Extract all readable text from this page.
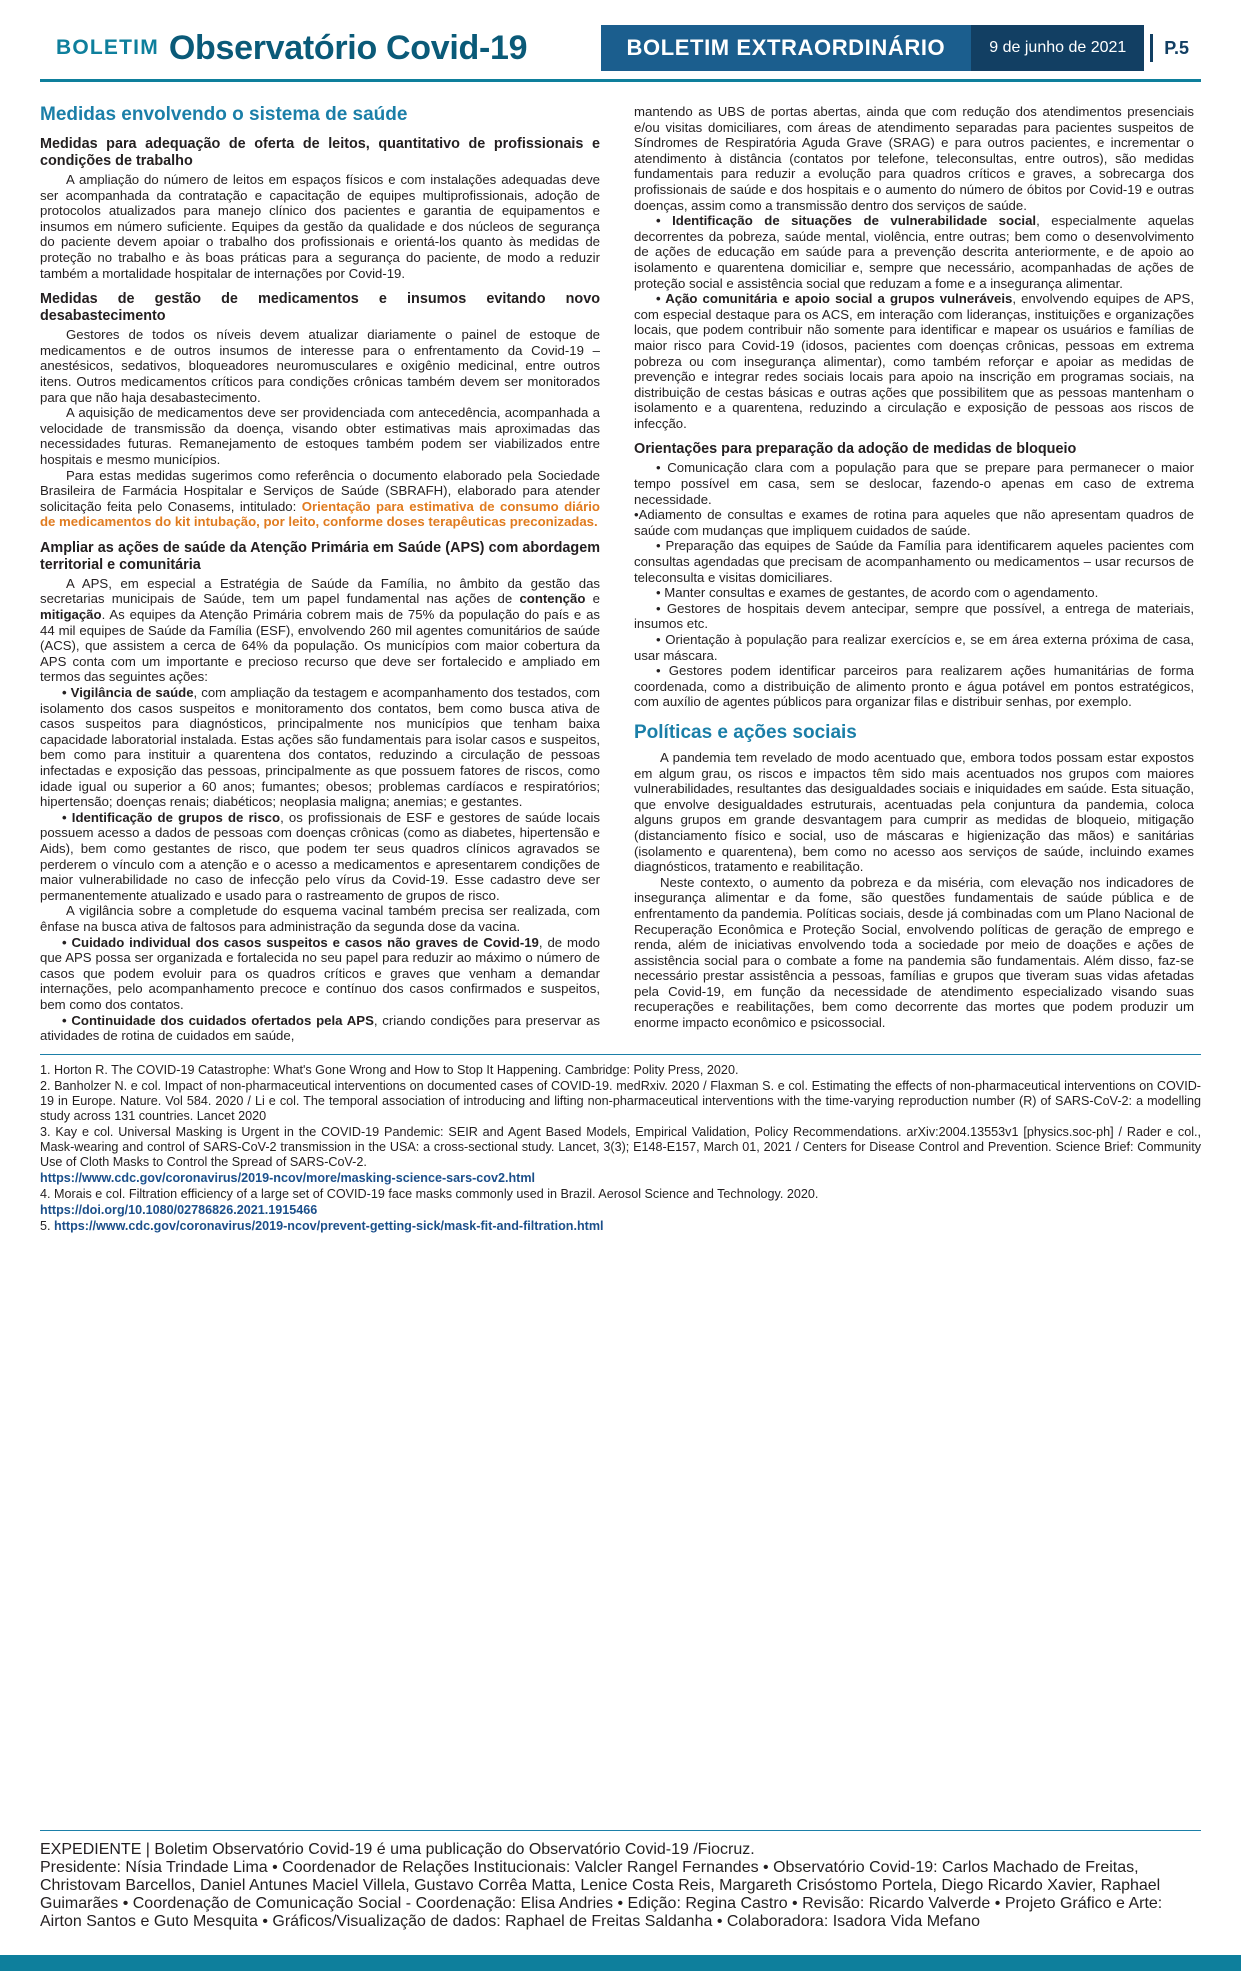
BOLETIM Observatório Covid-19	BOLETIM EXTRAORDINÁRIO	9 de junho de 2021	P.5
Medidas envolvendo o sistema de saúde
Medidas para adequação de oferta de leitos, quantitativo de profissionais e condições de trabalho

A ampliação do número de leitos em espaços físicos e com instalações adequadas deve ser acompanhada da contratação e capacitação de equipes multiprofissionais, adoção de protocolos atualizados para manejo clínico dos pacientes e garantia de equipamentos e insumos em número suficiente. Equipes da gestão da qualidade e dos núcleos de segurança do paciente devem apoiar o trabalho dos profissionais e orientá-los quanto às medidas de proteção no trabalho e às boas práticas para a segurança do paciente, de modo a reduzir também a mortalidade hospitalar de internações por Covid-19.

Medidas de gestão de medicamentos e insumos evitando novo desabastecimento

Gestores de todos os níveis devem atualizar diariamente o painel de estoque de medicamentos e de outros insumos de interesse para o enfrentamento da Covid-19 – anestésicos, sedativos, bloqueadores neuromusculares e oxigênio medicinal, entre outros itens. Outros medicamentos críticos para condições crônicas também devem ser monitorados para que não haja desabastecimento.

A aquisição de medicamentos deve ser providenciada com antecedência, acompanhada a velocidade de transmissão da doença, visando obter estimativas mais aproximadas das necessidades futuras. Remanejamento de estoques também podem ser viabilizados entre hospitais e mesmo municípios.

Para estas medidas sugerimos como referência o documento elaborado pela Sociedade Brasileira de Farmácia Hospitalar e Serviços de Saúde (SBRAFH), elaborado para atender solicitação feita pelo Conasems, intitulado: Orientação para estimativa de consumo diário de medicamentos do kit intubação, por leito, conforme doses terapêuticas preconizadas.

Ampliar as ações de saúde da Atenção Primária em Saúde (APS) com abordagem territorial e comunitária

A APS, em especial a Estratégia de Saúde da Família, no âmbito da gestão das secretarias municipais de Saúde, tem um papel fundamental nas ações de contenção e mitigação. As equipes da Atenção Primária cobrem mais de 75% da população do país e as 44 mil equipes de Saúde da Família (ESF), envolvendo 260 mil agentes comunitários de saúde (ACS), que assistem a cerca de 64% da população. Os municípios com maior cobertura da APS conta com um importante e precioso recurso que deve ser fortalecido e ampliado em termos das seguintes ações:

• Vigilância de saúde, com ampliação da testagem e acompanhamento dos testados, com isolamento dos casos suspeitos e monitoramento dos contatos, bem como busca ativa de casos suspeitos para diagnósticos, principalmente nos municípios que tenham baixa capacidade laboratorial instalada. Estas ações são fundamentais para isolar casos e suspeitos, bem como para instituir a quarentena dos contatos, reduzindo a circulação de pessoas infectadas e exposição das pessoas, principalmente as que possuem fatores de riscos, como idade igual ou superior a 60 anos; fumantes; obesos; problemas cardíacos e respiratórios; hipertensão; doenças renais; diabéticos; neoplasia maligna; anemias; e gestantes.

• Identificação de grupos de risco, os profissionais de ESF e gestores de saúde locais possuem acesso a dados de pessoas com doenças crônicas (como as diabetes, hipertensão e Aids), bem como gestantes de risco, que podem ter seus quadros clínicos agravados se perderem o vínculo com a atenção e o acesso a medicamentos e apresentarem condições de maior vulnerabilidade no caso de infecção pelo vírus da Covid-19. Esse cadastro deve ser permanentemente atualizado e usado para o rastreamento de grupos de risco.

A vigilância sobre a completude do esquema vacinal também precisa ser realizada, com ênfase na busca ativa de faltosos para administração da segunda dose da vacina.

• Cuidado individual dos casos suspeitos e casos não graves de Covid-19, de modo que APS possa ser organizada e fortalecida no seu papel para reduzir ao máximo o número de casos que podem evoluir para os quadros críticos e graves que venham a demandar internações, pelo acompanhamento precoce e contínuo dos casos confirmados e suspeitos, bem como dos contatos.

• Continuidade dos cuidados ofertados pela APS, criando condições para preservar as atividades de rotina de cuidados em saúde,

mantendo as UBS de portas abertas, ainda que com redução dos atendimentos presenciais e/ou visitas domiciliares, com áreas de atendimento separadas para pacientes suspeitos de Síndromes de Respiratória Aguda Grave (SRAG) e para outros pacientes, e incrementar o atendimento à distância (contatos por telefone, teleconsultas, entre outros), são medidas fundamentais para reduzir a evolução para quadros críticos e graves, a sobrecarga dos profissionais de saúde e dos hospitais e o aumento do número de óbitos por Covid-19 e outras doenças, assim como a transmissão dentro dos serviços de saúde.

• Identificação de situações de vulnerabilidade social, especialmente aquelas decorrentes da pobreza, saúde mental, violência, entre outras; bem como o desenvolvimento de ações de educação em saúde para a prevenção descrita anteriormente, e de apoio ao isolamento e quarentena domiciliar e, sempre que necessário, acompanhadas de ações de proteção social e assistência social que reduzam a fome e a insegurança alimentar.

• Ação comunitária e apoio social a grupos vulneráveis, envolvendo equipes de APS, com especial destaque para os ACS, em interação com lideranças, instituições e organizações locais, que podem contribuir não somente para identificar e mapear os usuários e famílias de maior risco para Covid-19 (idosos, pacientes com doenças crônicas, pessoas em extrema pobreza ou com insegurança alimentar), como também reforçar e apoiar as medidas de prevenção e integrar redes sociais locais para apoio na inscrição em programas sociais, na distribuição de cestas básicas e outras ações que possibilitem que as pessoas mantenham o isolamento e a quarentena, reduzindo a circulação e exposição de pessoas aos riscos de infecção.

Orientações para preparação da adoção de medidas de bloqueio

• Comunicação clara com a população para que se prepare para permanecer o maior tempo possível em casa, sem se deslocar, fazendo-o apenas em caso de extrema necessidade.

•Adiamento de consultas e exames de rotina para aqueles que não apresentam quadros de saúde com mudanças que impliquem cuidados de saúde.

• Preparação das equipes de Saúde da Família para identificarem aqueles pacientes com consultas agendadas que precisam de acompanhamento ou medicamentos – usar recursos de teleconsulta e visitas domiciliares.

• Manter consultas e exames de gestantes, de acordo com o agendamento.

• Gestores de hospitais devem antecipar, sempre que possível, a entrega de materiais, insumos etc.

• Orientação à população para realizar exercícios e, se em área externa próxima de casa, usar máscara.

• Gestores podem identificar parceiros para realizarem ações humanitárias de forma coordenada, como a distribuição de alimento pronto e água potável em pontos estratégicos, com auxílio de agentes públicos para organizar filas e distribuir senhas, por exemplo.

Políticas e ações sociais

A pandemia tem revelado de modo acentuado que, embora todos possam estar expostos em algum grau, os riscos e impactos têm sido mais acentuados nos grupos com maiores vulnerabilidades, resultantes das desigualdades sociais e iniquidades em saúde. Esta situação, que envolve desigualdades estruturais, acentuadas pela conjuntura da pandemia, coloca alguns grupos em grande desvantagem para cumprir as medidas de bloqueio, mitigação (distanciamento físico e social, uso de máscaras e higienização das mãos) e sanitárias (isolamento e quarentena), bem como no acesso aos serviços de saúde, incluindo exames diagnósticos, tratamento e reabilitação.

Neste contexto, o aumento da pobreza e da miséria, com elevação nos indicadores de insegurança alimentar e da fome, são questões fundamentais de saúde pública e de enfrentamento da pandemia. Políticas sociais, desde já combinadas com um Plano Nacional de Recuperação Econômica e Proteção Social, envolvendo políticas de geração de emprego e renda, além de iniciativas envolvendo toda a sociedade por meio de doações e ações de assistência social para o combate a fome na pandemia são fundamentais. Além disso, faz-se necessário prestar assistência a pessoas, famílias e grupos que tiveram suas vidas afetadas pela Covid-19, em função da necessidade de atendimento especializado visando suas recuperações e reabilitações, bem como decorrente das mortes que podem produzir um enorme impacto econômico e psicossocial.

1. Horton R. The COVID-19 Catastrophe: What's Gone Wrong and How to Stop It Happening. Cambridge: Polity Press, 2020.
2. Banholzer N. e col. Impact of non-pharmaceutical interventions on documented cases of COVID-19. medRxiv. 2020 / Flaxman S. e col. Estimating the effects of non-pharmaceutical interventions on COVID-19 in Europe. Nature. Vol 584. 2020 / Li e col. The temporal association of introducing and lifting non-pharmaceutical interventions with the time-varying reproduction number (R) of SARS-CoV-2: a modelling study across 131 countries. Lancet 2020
3. Kay e col. Universal Masking is Urgent in the COVID-19 Pandemic: SEIR and Agent Based Models, Empirical Validation, Policy Recommendations. arXiv:2004.13553v1 [physics.soc-ph] / Rader e col., Mask-wearing and control of SARS-CoV-2 transmission in the USA: a cross-sectional study. Lancet, 3(3); E148-E157, March 01, 2021 / Centers for Disease Control and Prevention. Science Brief: Community Use of Cloth Masks to Control the Spread of SARS-CoV-2.
https://www.cdc.gov/coronavirus/2019-ncov/more/masking-science-sars-cov2.html
4. Morais e col. Filtration efficiency of a large set of COVID-19 face masks commonly used in Brazil. Aerosol Science and Technology. 2020.
https://doi.org/10.1080/02786826.2021.1915466
5. https://www.cdc.gov/coronavirus/2019-ncov/prevent-getting-sick/mask-fit-and-filtration.html
EXPEDIENTE | Boletim Observatório Covid-19 é uma publicação do Observatório Covid-19 /Fiocruz.
Presidente: Nísia Trindade Lima • Coordenador de Relações Institucionais: Valcler Rangel Fernandes • Observatório Covid-19: Carlos Machado de Freitas, Christovam Barcellos, Daniel Antunes Maciel Villela, Gustavo Corrêa Matta, Lenice Costa Reis, Margareth Crisóstomo Portela, Diego Ricardo Xavier, Raphael Guimarães • Coordenação de Comunicação Social - Coordenação: Elisa Andries • Edição: Regina Castro • Revisão: Ricardo Valverde • Projeto Gráfico e Arte: Airton Santos e Guto Mesquita • Gráficos/Visualização de dados: Raphael de Freitas Saldanha • Colaboradora: Isadora Vida Mefano
